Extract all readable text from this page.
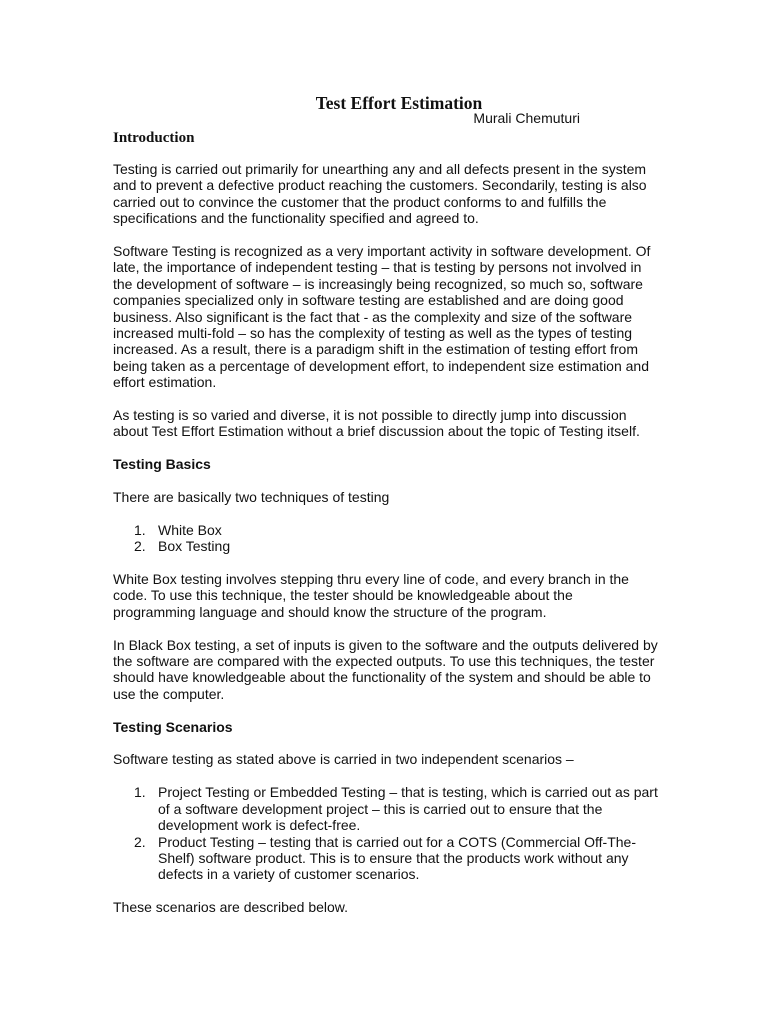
Test Effort Estimation

Murali Chemuturi

Introduction

Testing is carried out primarily for unearthing any and all defects present in the system
and to prevent a defective product reaching the customers. Secondarily, testing is also
carried out to convince the customer that the product conforms to and fulfills the
specifications and the functionality specified and agreed to.

Software Testing is recognized as a very important activity in software development. Of
late, the importance of independent testing – that is testing by persons not involved in
the development of software – is increasingly being recognized, so much so, software
companies specialized only in software testing are established and are doing good
business. Also significant is the fact that - as the complexity and size of the software
increased multi-fold – so has the complexity of testing as well as the types of testing
increased. As a result, there is a paradigm shift in the estimation of testing effort from
being taken as a percentage of development effort, to independent size estimation and
effort estimation.

As testing is so varied and diverse, it is not possible to directly jump into discussion
about Test Effort Estimation without a brief discussion about the topic of Testing itself.

Testing Basics

There are basically two techniques of testing

1. White Box
2. Box Testing

White Box testing involves stepping thru every line of code, and every branch in the
code. To use this technique, the tester should be knowledgeable about the
programming language and should know the structure of the program.

In Black Box testing, a set of inputs is given to the software and the outputs delivered by
the software are compared with the expected outputs. To use this techniques, the tester
should have knowledgeable about the functionality of the system and should be able to
use the computer.

Testing Scenarios

Software testing as stated above is carried in two independent scenarios –

1. Project Testing or Embedded Testing – that is testing, which is carried out as part
of a software development project – this is carried out to ensure that the
development work is defect-free.
2. Product Testing – testing that is carried out for a COTS (Commercial Off-The-
Shelf) software product. This is to ensure that the products work without any
defects in a variety of customer scenarios.

These scenarios are described below.
